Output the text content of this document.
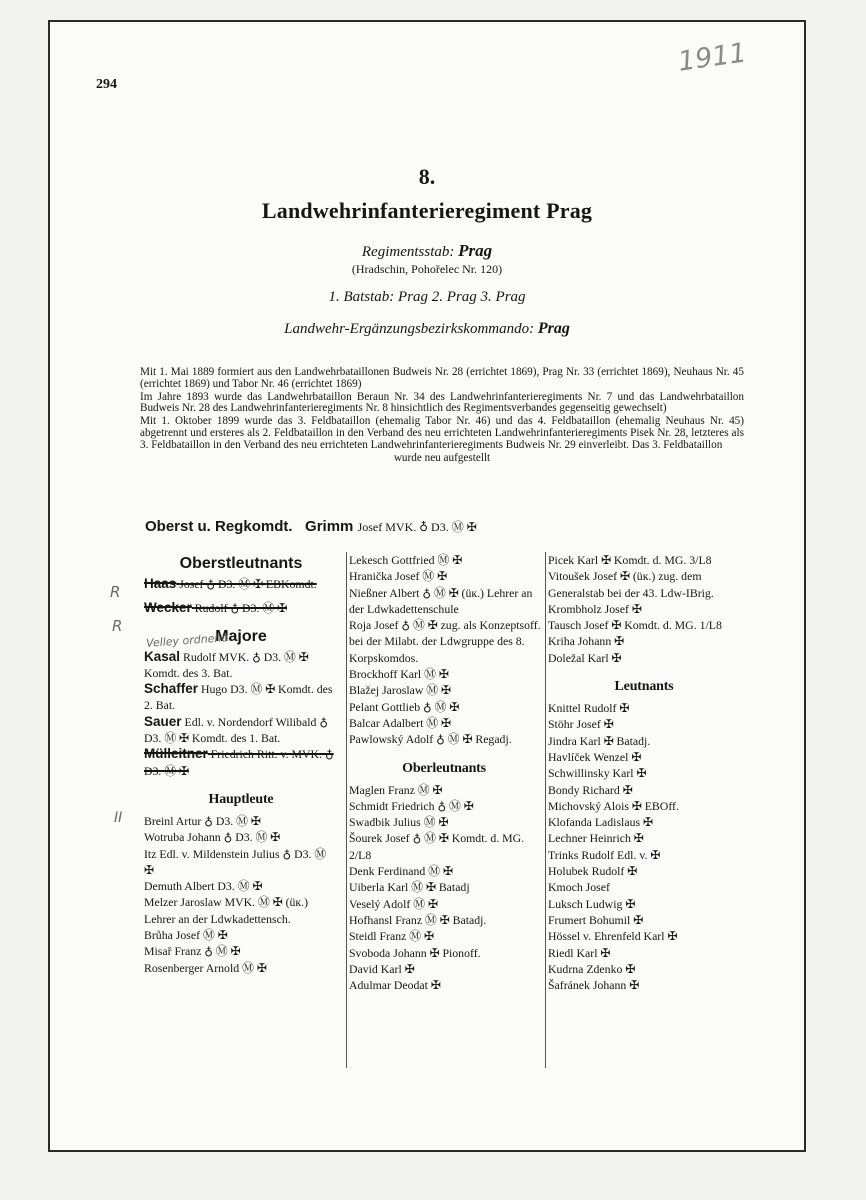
294
1911
8.
Landwehrinfanterieregiment Prag
Regimentsstab: Prag
(Hradschin, Pohořelec Nr. 120)
1. Batstab: Prag 2. Prag 3. Prag
Landwehr-Ergänzungsbezirkskommando: Prag

Mit 1. Mai 1889 formiert aus den Landwehrbataillonen Budweis Nr. 28 (errichtet 1869), Prag Nr. 33 (errichtet 1869), Neuhaus Nr. 45 (errichtet 1869) und Tabor Nr. 46 (errichtet 1869)

Im Jahre 1893 wurde das Landwehrbataillon Beraun Nr. 34 des Landwehrinfanterieregiments Nr. 7 und das Landwehrbataillon Budweis Nr. 28 des Landwehrinfanterieregiments Nr. 8 hinsichtlich des Regimentsverbandes gegenseitig gewechselt)

Mit 1. Oktober 1899 wurde das 3. Feldbataillon (ehemalig Tabor Nr. 46) und das 4. Feldbataillon (ehemalig Neuhaus Nr. 45) abgetrennt und ersteres als 2. Feldbataillon in den Verband des neu errichteten Landwehrinfanterieregiments Pisek Nr. 28, letzteres als 3. Feldbataillon in den Verband des neu errichteten Landwehrinfanterieregiments Budweis Nr. 29 einverleibt. Das 3. Feldbataillon

wurde neu aufgestellt

Oberst u. Regkomdt. Grimm Josef MVK. ♁ D3. Ⓜ ✠
Oberstleutnants
Haas Josef ♁ D3. Ⓜ ✠ EBKomdt.
Wecker Rudolf ♁ D3. Ⓜ ✠
Majore
Kasal Rudolf MVK. ♁ D3. Ⓜ ✠ Komdt. des 3. Bat.
Schaffer Hugo D3. Ⓜ ✠ Komdt. des 2. Bat.
Sauer Edl. v. Nordendorf Wilibald ♁ D3. Ⓜ ✠ Komdt. des 1. Bat.
Mülleitner Friedrich Ritt. v. MVK. ♁ D3. Ⓜ ✠
Hauptleute
Breinl Artur ♁ D3. Ⓜ ✠
Wotruba Johann ♁ D3. Ⓜ ✠
Itz Edl. v. Mildenstein Julius ♁ D3. Ⓜ ✠
Demuth Albert D3. Ⓜ ✠
Melzer Jaroslaw MVK. Ⓜ ✠ (üк.) Lehrer an der Ldwkadettensch.
Brůha Josef Ⓜ ✠
Misař Franz ♁ Ⓜ ✠
Rosenberger Arnold Ⓜ ✠
Lekesch Gottfried Ⓜ ✠
Hranička Josef Ⓜ ✠
Nießner Albert ♁ Ⓜ ✠ (üк.) Lehrer an der Ldwkadettenschule
Roja Josef ♁ Ⓜ ✠ zug. als Konzeptsoff. bei der Milabt. der Ldwgruppe des 8. Korpskomdos.
Brockhoff Karl Ⓜ ✠
Blažej Jaroslaw Ⓜ ✠
Pelant Gottlieb ♁ Ⓜ ✠
Balcar Adalbert Ⓜ ✠
Pawlowský Adolf ♁ Ⓜ ✠ Regadj.
Oberleutnants
Maglen Franz Ⓜ ✠
Schmidt Friedrich ♁ Ⓜ ✠
Swadbik Julius Ⓜ ✠
Šourek Josef ♁ Ⓜ ✠ Komdt. d. MG. 2/L8
Denk Ferdinand Ⓜ ✠
Uiberla Karl Ⓜ ✠ Batadj
Veselý Adolf Ⓜ ✠
Hofhansl Franz Ⓜ ✠ Batadj.
Steidl Franz Ⓜ ✠
Svoboda Johann ✠ Pionoff.
David Karl ✠
Adulmar Deodat ✠
Picek Karl ✠ Komdt. d. MG. 3/L8
Vitoušek Josef ✠ (üк.) zug. dem Generalstab bei der 43. Ldw-IBrig.
Krombholz Josef ✠
Tausch Josef ✠ Komdt. d. MG. 1/L8
Kriha Johann ✠
Doležal Karl ✠
Leutnants
Knittel Rudolf ✠
Stöhr Josef ✠
Jindra Karl ✠ Batadj.
Havlíček Wenzel ✠
Schwillinsky Karl ✠
Bondy Richard ✠
Michovský Alois ✠ EBOff.
Klofanda Ladislaus ✠
Lechner Heinrich ✠
Trinks Rudolf Edl. v. ✠
Holubek Rudolf ✠
Kmoch Josef
Luksch Ludwig ✠
Frumert Bohumil ✠
Hössel v. Ehrenfeld Karl ✠
Riedl Karl ✠
Kudrna Zdenko ✠
Šafránek Johann ✠
R
R
II
Velley ordnend
